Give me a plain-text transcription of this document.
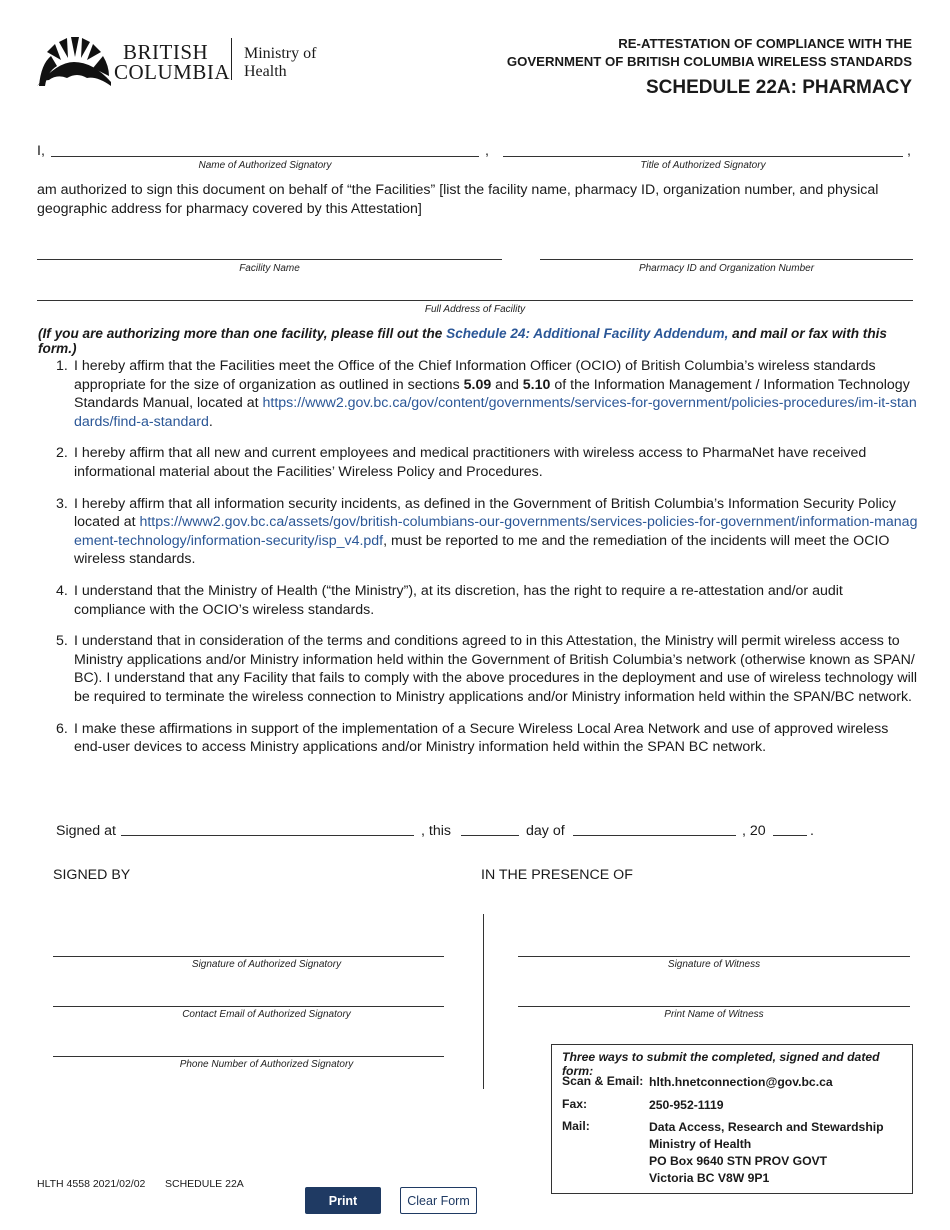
BRITISH
COLUMBIA
Ministry of
Health
RE-ATTESTATION OF COMPLIANCE WITH THE
GOVERNMENT OF BRITISH COLUMBIA WIRELESS STANDARDS
SCHEDULE 22A: PHARMACY
I,	,	,
Name of Authorized Signatory	Title of Authorized Signatory
am authorized to sign this document on behalf of “the Facilities” [list the facility name, pharmacy ID, organization number, and physical geographic address for pharmacy covered by this Attestation]
Facility Name	Pharmacy ID and Organization Number
Full Address of Facility
(If you are authorizing more than one facility, please fill out the Schedule 24: Additional Facility Addendum, and mail or fax with this form.)
1. I hereby affirm that the Facilities meet the Office of the Chief Information Officer (OCIO) of British Columbia’s wireless standards appropriate for the size of organization as outlined in sections 5.09 and 5.10 of the Information Management / Information Technology Standards Manual, located at https://www2.gov.bc.ca/gov/content/governments/services-for-government/policies-procedures/im-it-standards/find-a-standard.
2. I hereby affirm that all new and current employees and medical practitioners with wireless access to PharmaNet have received informational material about the Facilities’ Wireless Policy and Procedures.
3. I hereby affirm that all information security incidents, as defined in the Government of British Columbia’s Information Security Policy located at https://www2.gov.bc.ca/assets/gov/british-columbians-our-governments/services-policies-for-government/information-management-technology/information-security/isp_v4.pdf, must be reported to me and the remediation of the incidents will meet the OCIO wireless standards.
4. I understand that the Ministry of Health (“the Ministry”), at its discretion, has the right to require a re-attestation and/or audit compliance with the OCIO’s wireless standards.
5. I understand that in consideration of the terms and conditions agreed to in this Attestation, the Ministry will permit wireless access to Ministry applications and/or Ministry information held within the Government of British Columbia’s network (otherwise known as SPAN/ BC). I understand that any Facility that fails to comply with the above procedures in the deployment and use of wireless technology will be required to terminate the wireless connection to Ministry applications and/or Ministry information held within the SPAN/BC network.
6. I make these affirmations in support of the implementation of a Secure Wireless Local Area Network and use of approved wireless end-user devices to access Ministry applications and/or Ministry information held within the SPAN BC network.
Signed at	, this	day of	, 20	.
SIGNED BY
Signature of Authorized Signatory
Contact Email of Authorized Signatory
Phone Number of Authorized Signatory
IN THE PRESENCE OF
Signature of Witness
Print Name of Witness
Three ways to submit the completed, signed and dated form:
Scan & Email: hlth.hnetconnection@gov.bc.ca
Fax:	250-952-1119
Mail:	Data Access, Research and Stewardship
Ministry of Health
PO Box 9640 STN PROV GOVT
Victoria BC V8W 9P1
HLTH 4558 2021/02/02 SCHEDULE 22A
Print	Clear Form
